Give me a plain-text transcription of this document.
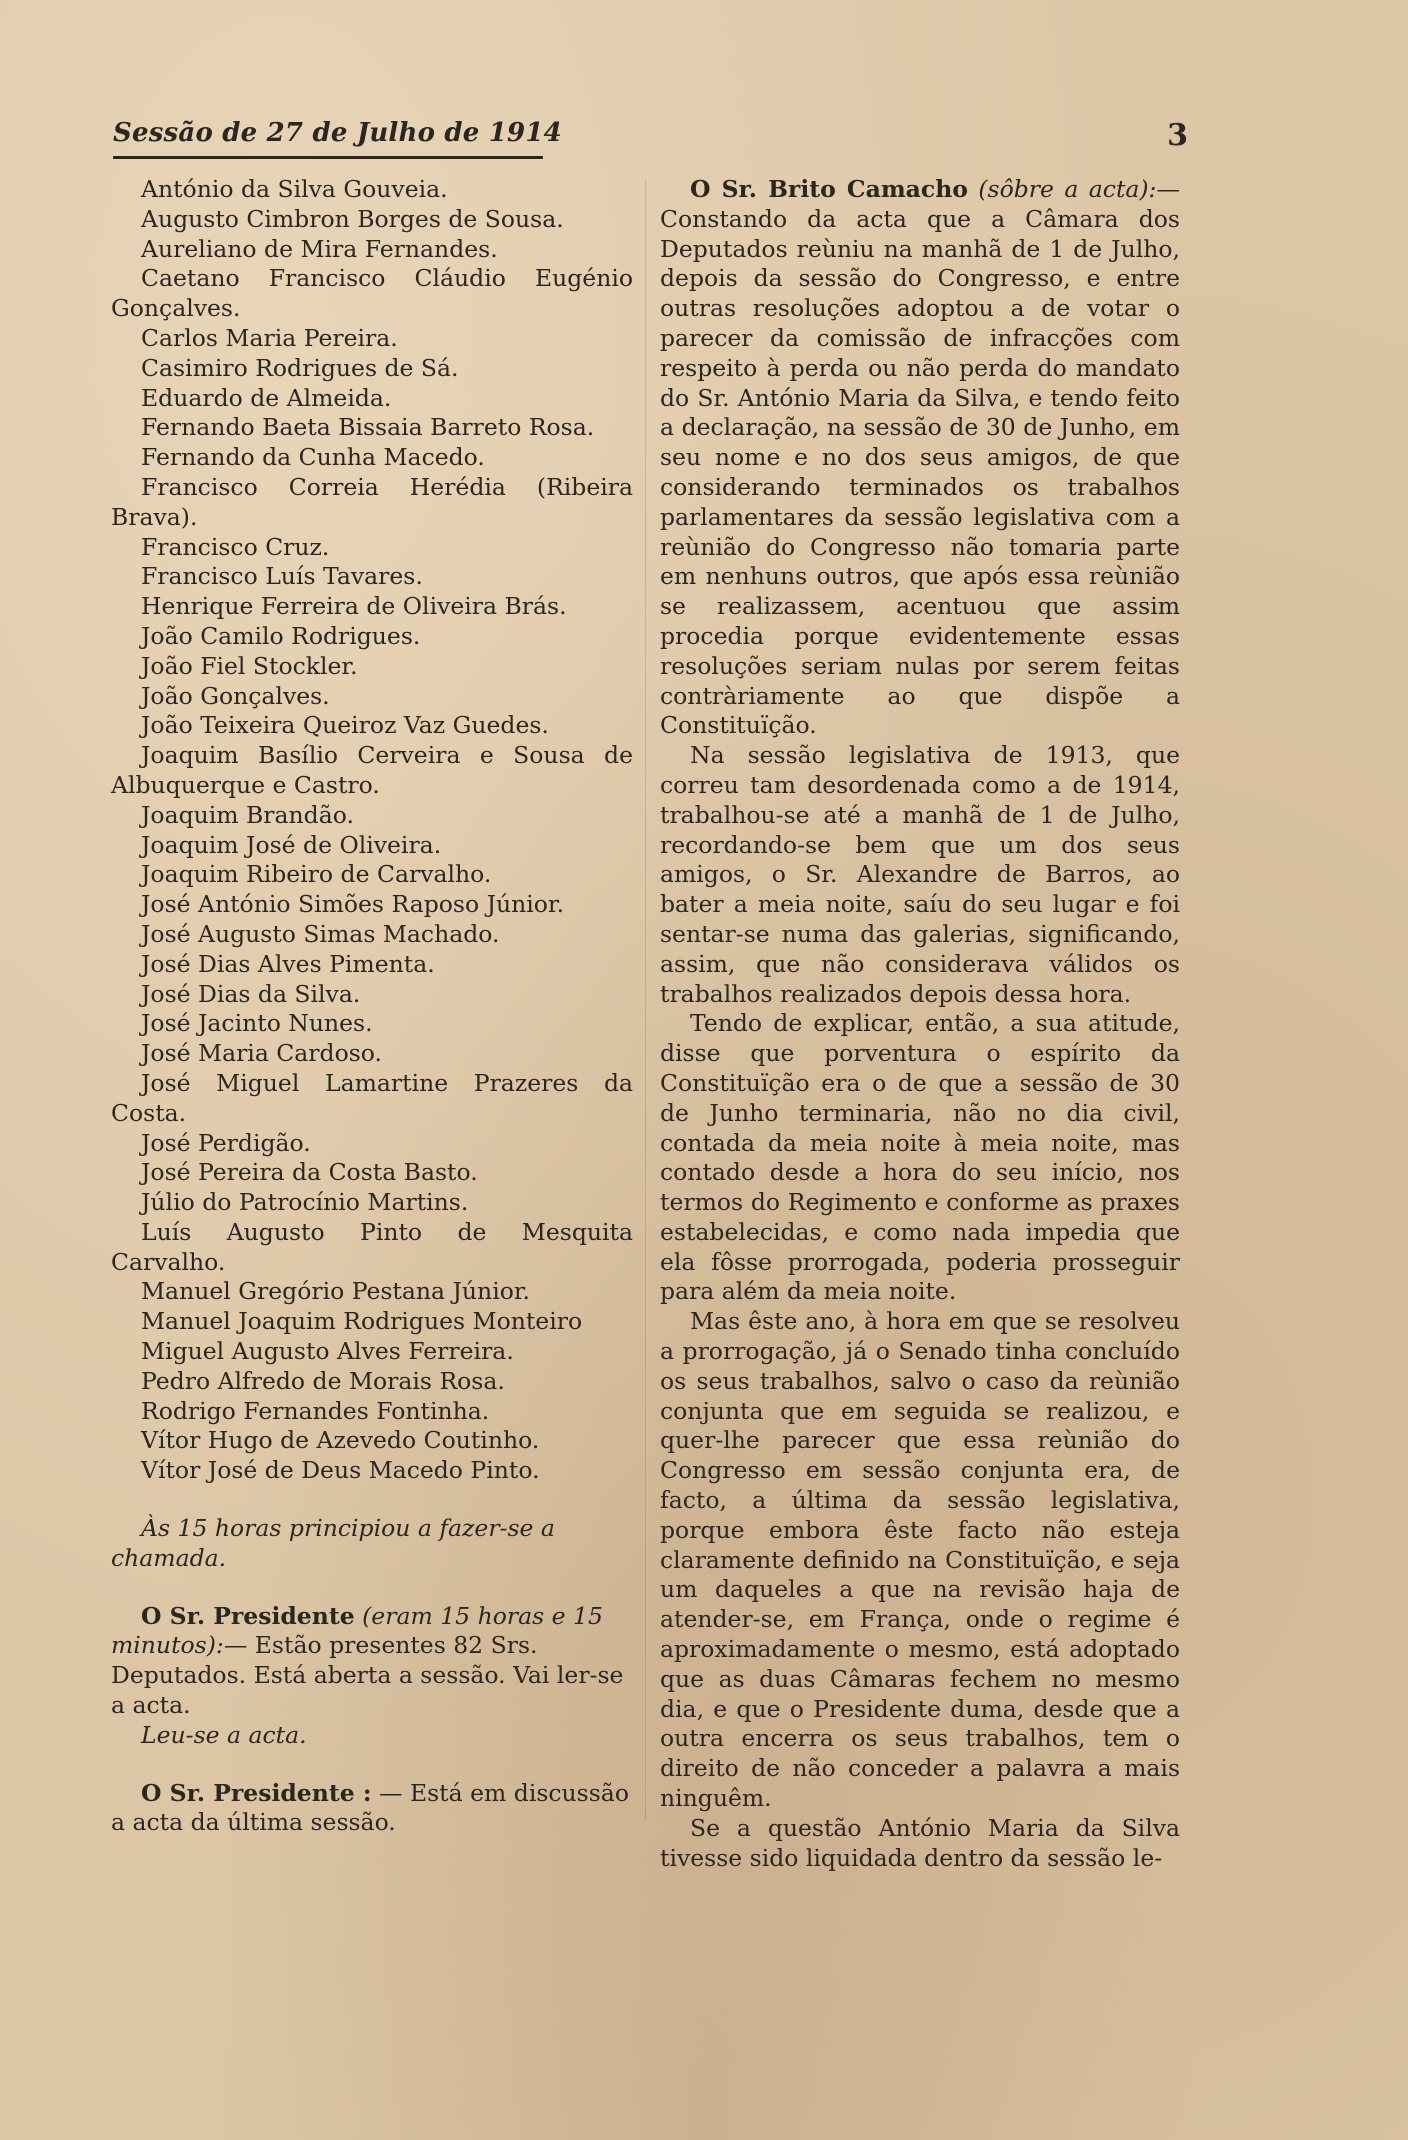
Sessão de 27 de Julho de 1914	3
António da Silva Gouveia.
Augusto Cimbron Borges de Sousa.
Aureliano de Mira Fernandes.
Caetano Francisco Cláudio Eugénio Gonçalves.
Carlos Maria Pereira.
Casimiro Rodrigues de Sá.
Eduardo de Almeida.
Fernando Baeta Bissaia Barreto Rosa.
Fernando da Cunha Macedo.
Francisco Correia Herédia (Ribeira Brava).
Francisco Cruz.
Francisco Luís Tavares.
Henrique Ferreira de Oliveira Brás.
João Camilo Rodrigues.
João Fiel Stockler.
João Gonçalves.
João Teixeira Queiroz Vaz Guedes.
Joaquim Basílio Cerveira e Sousa de Albuquerque e Castro.
Joaquim Brandão.
Joaquim José de Oliveira.
Joaquim Ribeiro de Carvalho.
José António Simões Raposo Júnior.
José Augusto Simas Machado.
José Dias Alves Pimenta.
José Dias da Silva.
José Jacinto Nunes.
José Maria Cardoso.
José Miguel Lamartine Prazeres da Costa.
José Perdigão.
José Pereira da Costa Basto.
Júlio do Patrocínio Martins.
Luís Augusto Pinto de Mesquita Carvalho.
Manuel Gregório Pestana Júnior.
Manuel Joaquim Rodrigues Monteiro
Miguel Augusto Alves Ferreira.
Pedro Alfredo de Morais Rosa.
Rodrigo Fernandes Fontinha.
Vítor Hugo de Azevedo Coutinho.
Vítor José de Deus Macedo Pinto.

Às 15 horas principiou a fazer-se a chamada.

O Sr. Presidente (eram 15 horas e 15 minutos):— Estão presentes 82 Srs. Deputados. Está aberta a sessão. Vai ler-se a acta.

Leu-se a acta.

O Sr. Presidente : — Está em discussão a acta da última sessão.

O Sr. Brito Camacho (sôbre a acta):— Constando da acta que a Câmara dos Deputados reùniu na manhã de 1 de Julho, depois da sessão do Congresso, e entre outras resoluções adoptou a de votar o parecer da comissão de infracções com respeito à perda ou não perda do mandato do Sr. António Maria da Silva, e tendo feito a declaração, na sessão de 30 de Junho, em seu nome e no dos seus amigos, de que considerando terminados os trabalhos parlamentares da sessão legislativa com a reùnião do Congresso não tomaria parte em nenhuns outros, que após essa reùnião se realizassem, acentuou que assim procedia porque evidentemente essas resoluções seriam nulas por serem feitas contràriamente ao que dispõe a Constituïção.

Na sessão legislativa de 1913, que correu tam desordenada como a de 1914, trabalhou-se até a manhã de 1 de Julho, recordando-se bem que um dos seus amigos, o Sr. Alexandre de Barros, ao bater a meia noite, saíu do seu lugar e foi sentar-se numa das galerias, significando, assim, que não considerava válidos os trabalhos realizados depois dessa hora.

Tendo de explicar, então, a sua atitude, disse que porventura o espírito da Constituïção era o de que a sessão de 30 de Junho terminaria, não no dia civil, contada da meia noite à meia noite, mas contado desde a hora do seu início, nos termos do Regimento e conforme as praxes estabelecidas, e como nada impedia que ela fôsse prorrogada, poderia prosseguir para além da meia noite.

Mas êste ano, à hora em que se resolveu a prorrogação, já o Senado tinha concluído os seus trabalhos, salvo o caso da reùnião conjunta que em seguida se realizou, e quer-lhe parecer que essa reùnião do Congresso em sessão conjunta era, de facto, a última da sessão legislativa, porque embora êste facto não esteja claramente definido na Constituïção, e seja um daqueles a que na revisão haja de atender-se, em França, onde o regime é aproximadamente o mesmo, está adoptado que as duas Câmaras fechem no mesmo dia, e que o Presidente duma, desde que a outra encerra os seus trabalhos, tem o direito de não conceder a palavra a mais ninguêm.

Se a questão António Maria da Silva tivesse sido liquidada dentro da sessão le-
